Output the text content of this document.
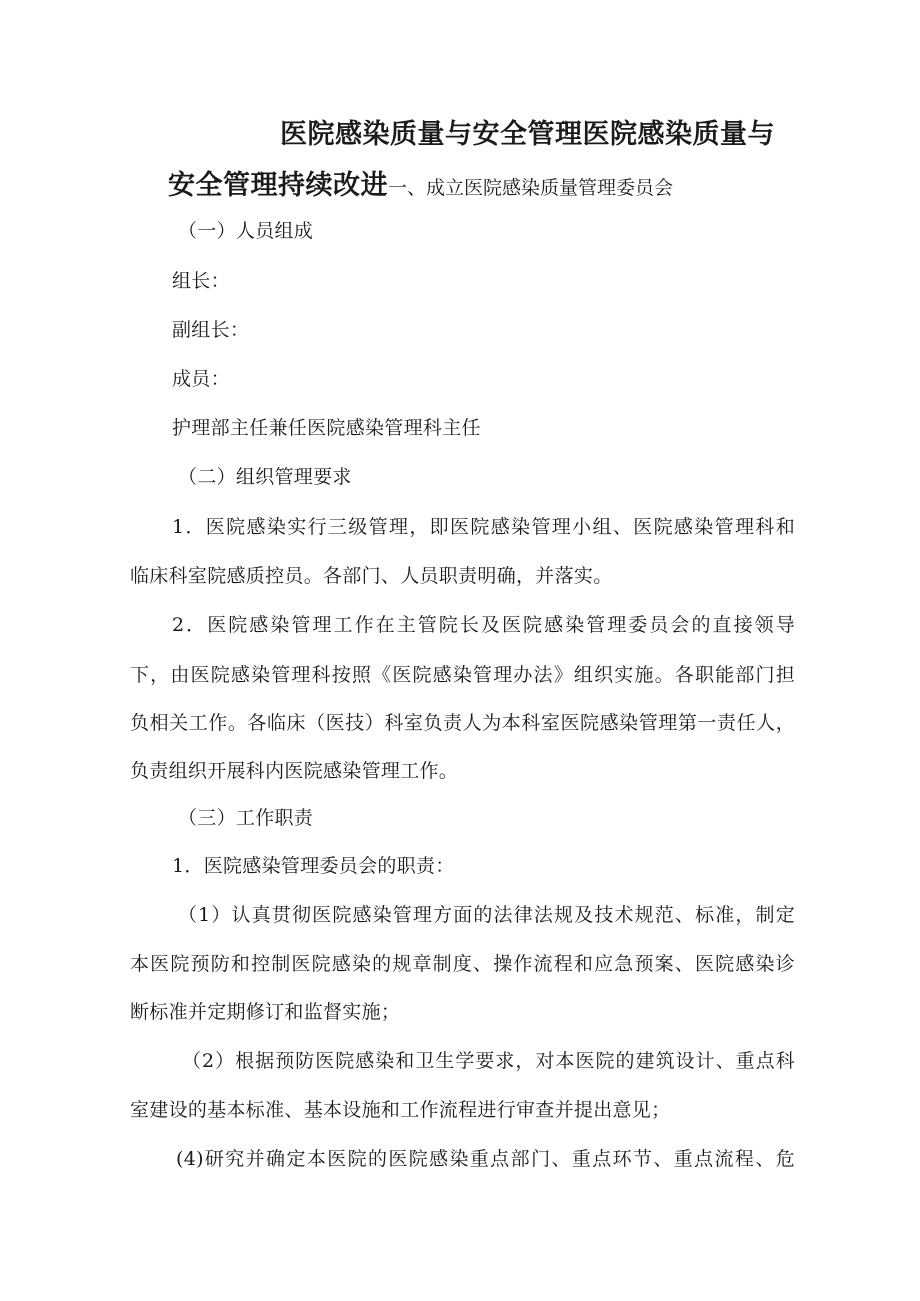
医院感染质量与安全管理医院感染质量与
安全管理持续改进一、成立医院感染质量管理委员会
（一）人员组成
组长：
副组长：
成员：
护理部主任兼任医院感染管理科主任
（二）组织管理要求
1．医院感染实行三级管理，即医院感染管理小组、医院感染管理科和
临床科室院感质控员。各部门、人员职责明确，并落实。
2．医院感染管理工作在主管院长及医院感染管理委员会的直接领导
下，由医院感染管理科按照《医院感染管理办法》组织实施。各职能部门担
负相关工作。各临床（医技）科室负责人为本科室医院感染管理第一责任人，
负责组织开展科内医院感染管理工作。
（三）工作职责
1．医院感染管理委员会的职责：
（1）认真贯彻医院感染管理方面的法律法规及技术规范、标准，制定
本医院预防和控制医院感染的规章制度、操作流程和应急预案、医院感染诊
断标准并定期修订和监督实施；
（2）根据预防医院感染和卫生学要求，对本医院的建筑设计、重点科
室建设的基本标准、基本设施和工作流程进行审查并提出意见；
(4)研究并确定本医院的医院感染重点部门、重点环节、重点流程、危
